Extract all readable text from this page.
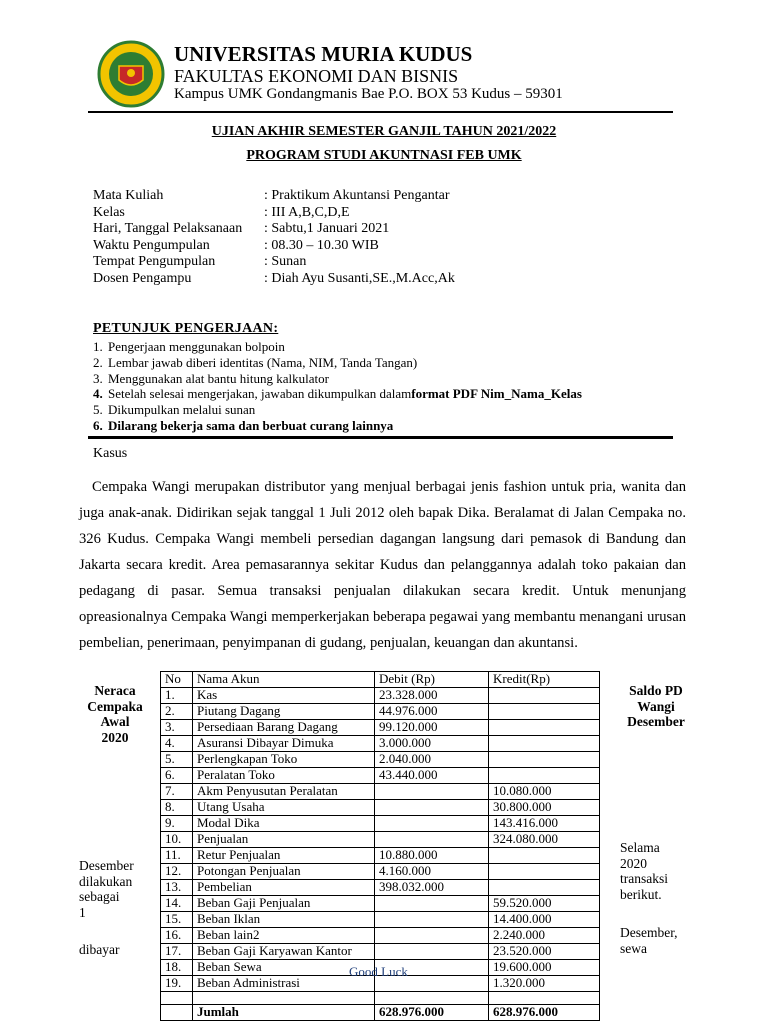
UNIVERSITAS MURIA KUDUS
FAKULTAS EKONOMI DAN BISNIS
Kampus UMK Gondangmanis Bae P.O. BOX 53 Kudus – 59301
UJIAN AKHIR SEMESTER GANJIL TAHUN 2021/2022
PROGRAM STUDI AKUNTNASI FEB UMK
Mata Kuliah	: Praktikum Akuntansi Pengantar
Kelas	: III A,B,C,D,E
Hari, Tanggal Pelaksanaan	: Sabtu,1 Januari 2021
Waktu Pengumpulan	: 08.30 – 10.30 WIB
Tempat Pengumpulan	: Sunan
Dosen Pengampu	: Diah Ayu Susanti,SE.,M.Acc,Ak
PETUNJUK PENGERJAAN:
1. Pengerjaan menggunakan bolpoin
2. Lembar jawab diberi identitas (Nama, NIM, Tanda Tangan)
3. Menggunakan alat bantu hitung kalkulator
4. Setelah selesai mengerjakan, jawaban dikumpulkan dalam format PDF Nim_Nama_Kelas
5. Dikumpulkan melalui sunan
6. Dilarang bekerja sama dan berbuat curang lainnya
Kasus
Cempaka Wangi merupakan distributor yang menjual berbagai jenis fashion untuk pria, wanita dan juga anak-anak. Didirikan sejak tanggal 1 Juli 2012 oleh bapak Dika. Beralamat di Jalan Cempaka no. 326 Kudus. Cempaka Wangi membeli persedian dagangan langsung dari pemasok di Bandung dan Jakarta secara kredit. Area pemasarannya sekitar Kudus dan pelanggannya adalah toko pakaian dan pedagang di pasar. Semua transaksi penjualan dilakukan secara kredit. Untuk menunjang opreasionalnya Cempaka Wangi memperkerjakan beberapa pegawai yang membantu menangani urusan pembelian, penerimaan, penyimpanan di gudang, penjualan, keuangan dan akuntansi.
Neraca
Cempaka
Awal
2020
Desember
dilakukan
sebagai
1
dibayar
Saldo PD
Wangi
Desember
Selama
2020
transaksi
berikut.
Desember,
sewa
No	Nama Akun	Debit (Rp)	Kredit(Rp)
1.	Kas	23.328.000	
2.	Piutang Dagang	44.976.000	
3.	Persediaan Barang Dagang	99.120.000	
4.	Asuransi Dibayar Dimuka	3.000.000	
5.	Perlengkapan Toko	2.040.000	
6.	Peralatan Toko	43.440.000	
7.	Akm Penyusutan Peralatan		10.080.000
8.	Utang Usaha		30.800.000
9.	Modal Dika		143.416.000
10.	Penjualan		324.080.000
11.	Retur Penjualan	10.880.000	
12.	Potongan Penjualan	4.160.000	
13.	Pembelian	398.032.000	
14.	Beban Gaji Penjualan		59.520.000
15.	Beban Iklan		14.400.000
16.	Beban lain2		2.240.000
17.	Beban Gaji Karyawan Kantor		23.520.000
18.	Beban Sewa		19.600.000
19.	Beban Administrasi		1.320.000

	Jumlah	628.976.000	628.976.000
Good Luck
